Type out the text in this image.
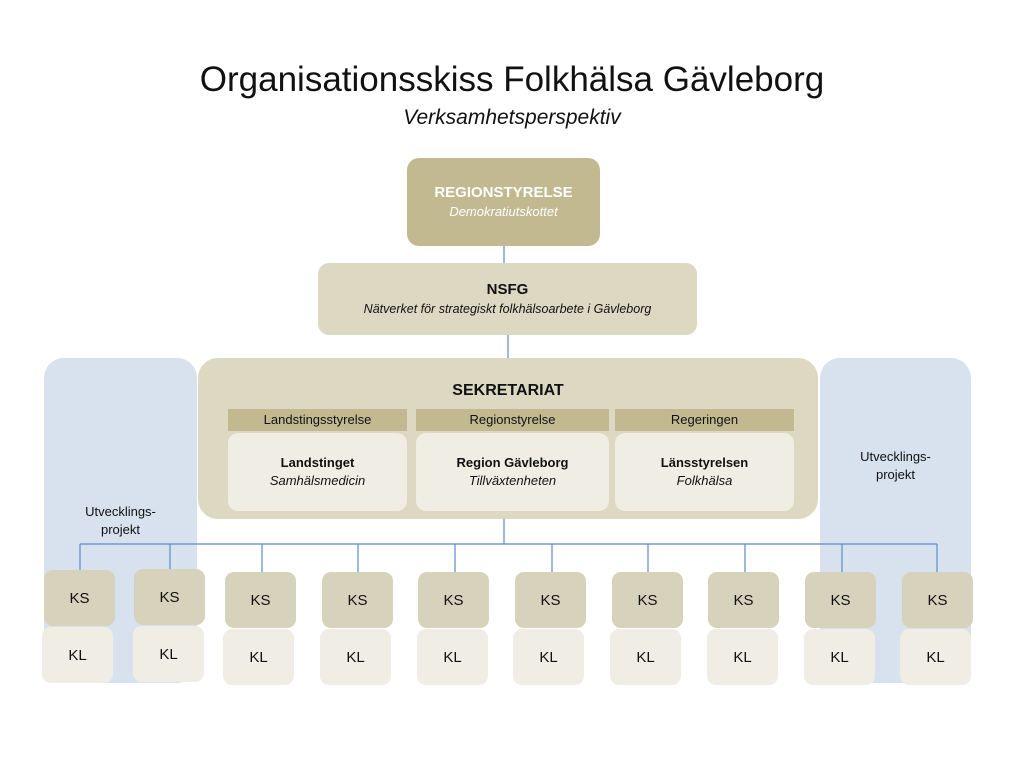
Organisationsskiss Folkhälsa Gävleborg
Verksamhetsperspektiv
Utvecklings-
projekt
Utvecklings-
projekt
REGIONSTYRELSE
Demokratiutskottet
NSFG
Nätverket för strategiskt folkhälsoarbete i Gävleborg
SEKRETARIAT
Landstingsstyrelse	Regionstyrelse	Regeringen
Landstinget
Samhälsmedicin
Region Gävleborg
Tillväxtenheten
Länsstyrelsen
Folkhälsa
KS
KL
KS
KL
KS
KL
KS
KL
KS
KL
KS
KL
KS
KL
KS
KL
KS
KL
KS
KL
